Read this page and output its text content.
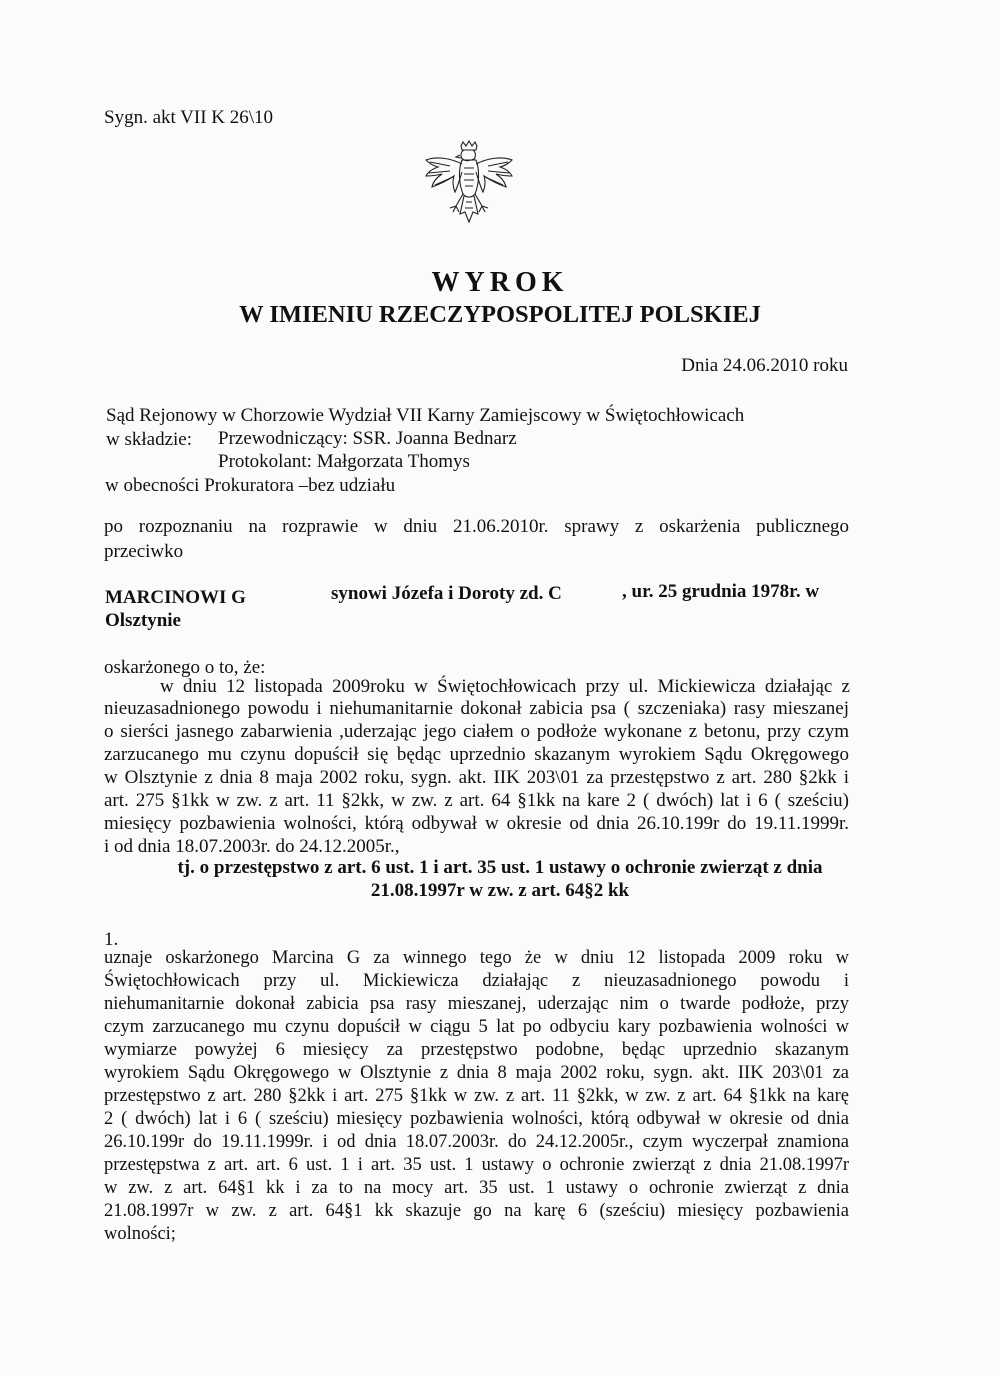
Sygn. akt VII K 26\10
WYROK
W IMIENIU RZECZYPOSPOLITEJ POLSKIEJ
Dnia 24.06.2010 roku
Sąd Rejonowy w Chorzowie Wydział VII Karny Zamiejscowy w Świętochłowicach
w składzie: Przewodniczący: SSR. Joanna Bednarz
Protokolant: Małgorzata Thomys
w obecności Prokuratora –bez udziału
po rozpoznaniu na rozprawie w dniu 21.06.2010r. sprawy z oskarżenia publicznego
przeciwko
MARCINOWI G	synowi Józefa i Doroty zd. C	, ur. 25 grudnia 1978r. w
Olsztynie
oskarżonego o to, że:
w dniu 12 listopada 2009roku w Świętochłowicach przy ul. Mickiewicza działając z
nieuzasadnionego powodu i niehumanitarnie dokonał zabicia psa ( szczeniaka) rasy mieszanej
o sierści jasnego zabarwienia ,uderzając jego ciałem o podłoże wykonane z betonu, przy czym
zarzucanego mu czynu dopuścił się będąc uprzednio skazanym wyrokiem Sądu Okręgowego
w Olsztynie z dnia 8 maja 2002 roku, sygn. akt. IIK 203\01 za przestępstwo z art. 280 §2kk i
art. 275 §1kk w zw. z art. 11 §2kk, w zw. z art. 64 §1kk na kare 2 ( dwóch) lat i 6 ( sześciu)
miesięcy pozbawienia wolności, którą odbywał w okresie od dnia 26.10.199r do 19.11.1999r.
i od dnia 18.07.2003r. do 24.12.2005r.,
tj. o przestępstwo z art. 6 ust. 1 i art. 35 ust. 1 ustawy o ochronie zwierząt z dnia
21.08.1997r w zw. z art. 64§2 kk
1.
uznaje oskarżonego Marcina G za winnego tego że w dniu 12 listopada 2009 roku w
Świętochłowicach przy ul. Mickiewicza działając z nieuzasadnionego powodu i
niehumanitarnie dokonał zabicia psa rasy mieszanej, uderzając nim o twarde podłoże, przy
czym zarzucanego mu czynu dopuścił w ciągu 5 lat po odbyciu kary pozbawienia wolności w
wymiarze powyżej 6 miesięcy za przestępstwo podobne, będąc uprzednio skazanym
wyrokiem Sądu Okręgowego w Olsztynie z dnia 8 maja 2002 roku, sygn. akt. IIK 203\01 za
przestępstwo z art. 280 §2kk i art. 275 §1kk w zw. z art. 11 §2kk, w zw. z art. 64 §1kk na karę
2 ( dwóch) lat i 6 ( sześciu) miesięcy pozbawienia wolności, którą odbywał w okresie od dnia
26.10.199r do 19.11.1999r. i od dnia 18.07.2003r. do 24.12.2005r., czym wyczerpał znamiona
przestępstwa z art. art. 6 ust. 1 i art. 35 ust. 1 ustawy o ochronie zwierząt z dnia 21.08.1997r
w zw. z art. 64§1 kk i za to na mocy art. 35 ust. 1 ustawy o ochronie zwierząt z dnia
21.08.1997r w zw. z art. 64§1 kk skazuje go na karę 6 (sześciu) miesięcy pozbawienia
wolności;
